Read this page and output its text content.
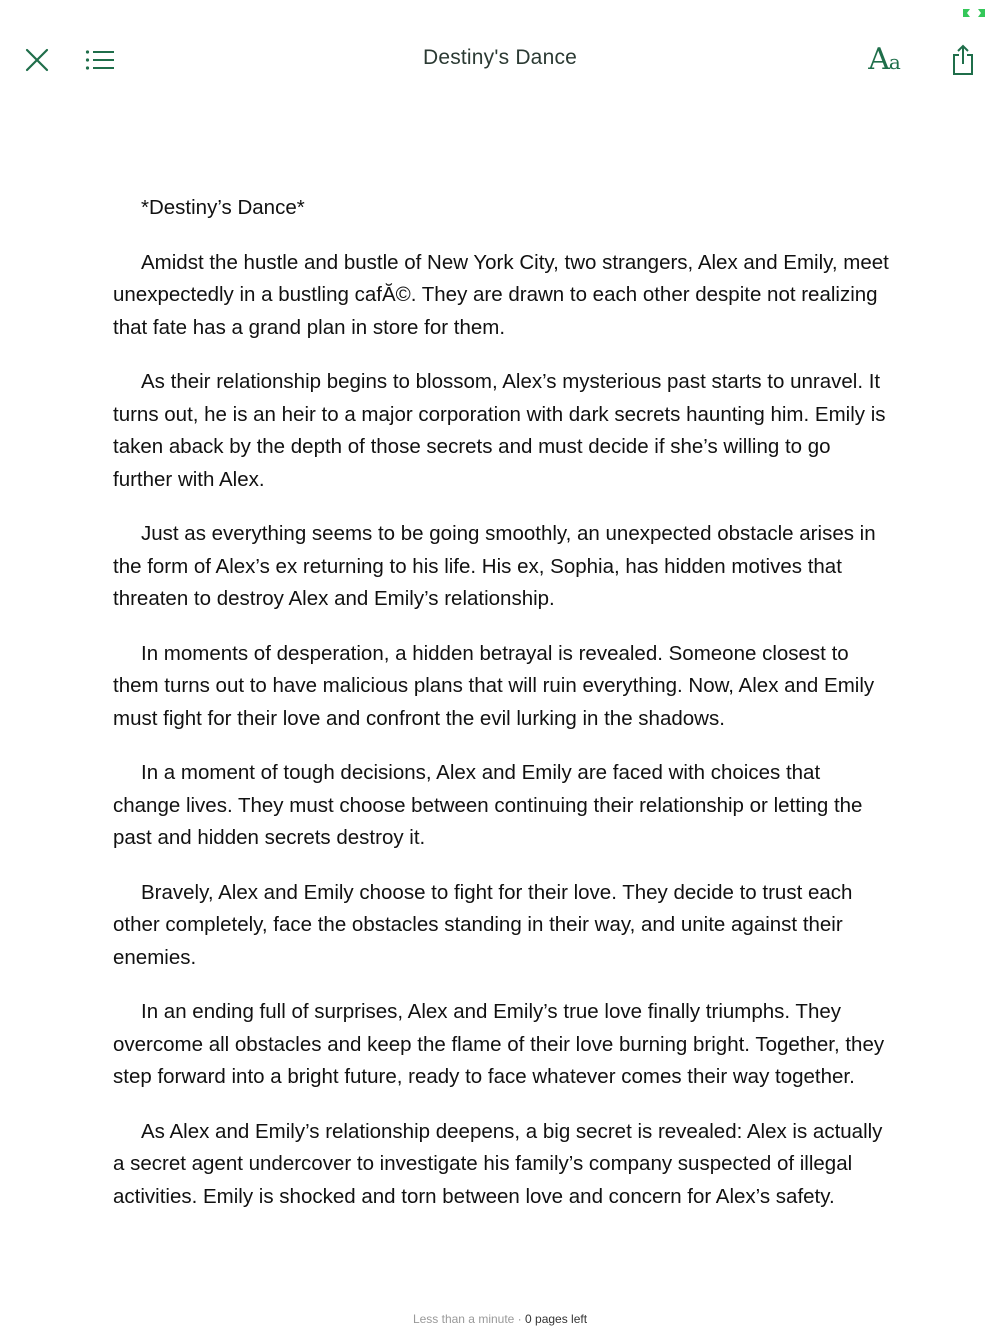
Destiny's Dance	Aa

*Destiny’s Dance*

Amidst the hustle and bustle of New York City, two strangers, Alex and Emily, meet unexpectedly in a bustling cafĂ©. They are drawn to each other despite not realizing that fate has a grand plan in store for them.

As their relationship begins to blossom, Alex’s mysterious past starts to unravel. It turns out, he is an heir to a major corporation with dark secrets haunting him. Emily is taken aback by the depth of those secrets and must decide if she’s willing to go further with Alex.

Just as everything seems to be going smoothly, an unexpected obstacle arises in the form of Alex’s ex returning to his life. His ex, Sophia, has hidden motives that threaten to destroy Alex and Emily’s relationship.

In moments of desperation, a hidden betrayal is revealed. Someone closest to them turns out to have malicious plans that will ruin everything. Now, Alex and Emily must fight for their love and confront the evil lurking in the shadows.

In a moment of tough decisions, Alex and Emily are faced with choices that change lives. They must choose between continuing their relationship or letting the past and hidden secrets destroy it.

Bravely, Alex and Emily choose to fight for their love. They decide to trust each other completely, face the obstacles standing in their way, and unite against their enemies.

In an ending full of surprises, Alex and Emily’s true love finally triumphs. They overcome all obstacles and keep the flame of their love burning bright. Together, they step forward into a bright future, ready to face whatever comes their way together.

As Alex and Emily’s relationship deepens, a big secret is revealed: Alex is actually a secret agent undercover to investigate his family’s company suspected of illegal activities. Emily is shocked and torn between love and concern for Alex’s safety.

Less than a minute · 0 pages left
